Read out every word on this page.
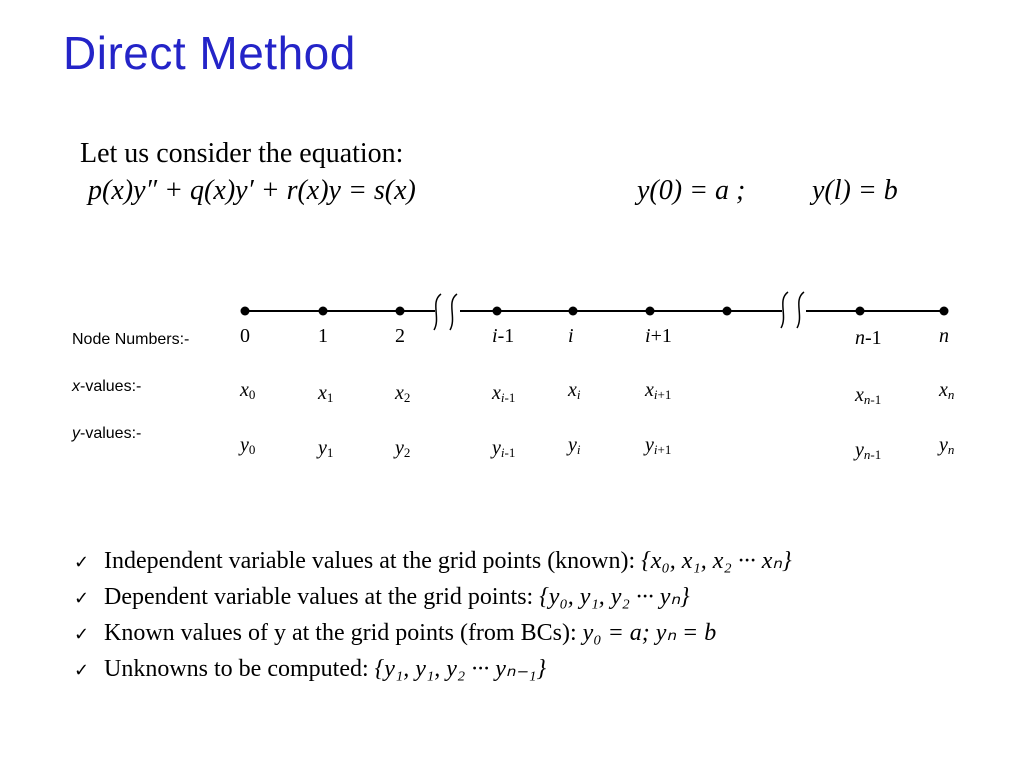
Direct Method
Let us consider the equation:
p(x)y″ + q(x)y′ + r(x)y = s(x)	y(0) = a ; y(l) = b
Node Numbers:-
x-values:-
y-values:-
0
$x_0$
$y_0$
1
$x_1$
$y_1$
2
$x_2$
$y_2$
i-1
$x_{i-1}$
$y_{i-1}$
i
$x_i$
$y_i$
i+1
$x_{i+1}$
$y_{i+1}$
n-1
$x_{n-1}$
$y_{n-1}$
n
$x_n$
$y_n$
✓ Independent variable values at the grid points (known): {x₀, x₁, x₂ ··· xₙ}
✓ Dependent variable values at the grid points: {y₀, y₁, y₂ ··· yₙ}
✓ Known values of y at the grid points (from BCs): y₀ = a; yₙ = b
✓ Unknowns to be computed: {y₁, y₁, y₂ ··· yₙ₋₁}
